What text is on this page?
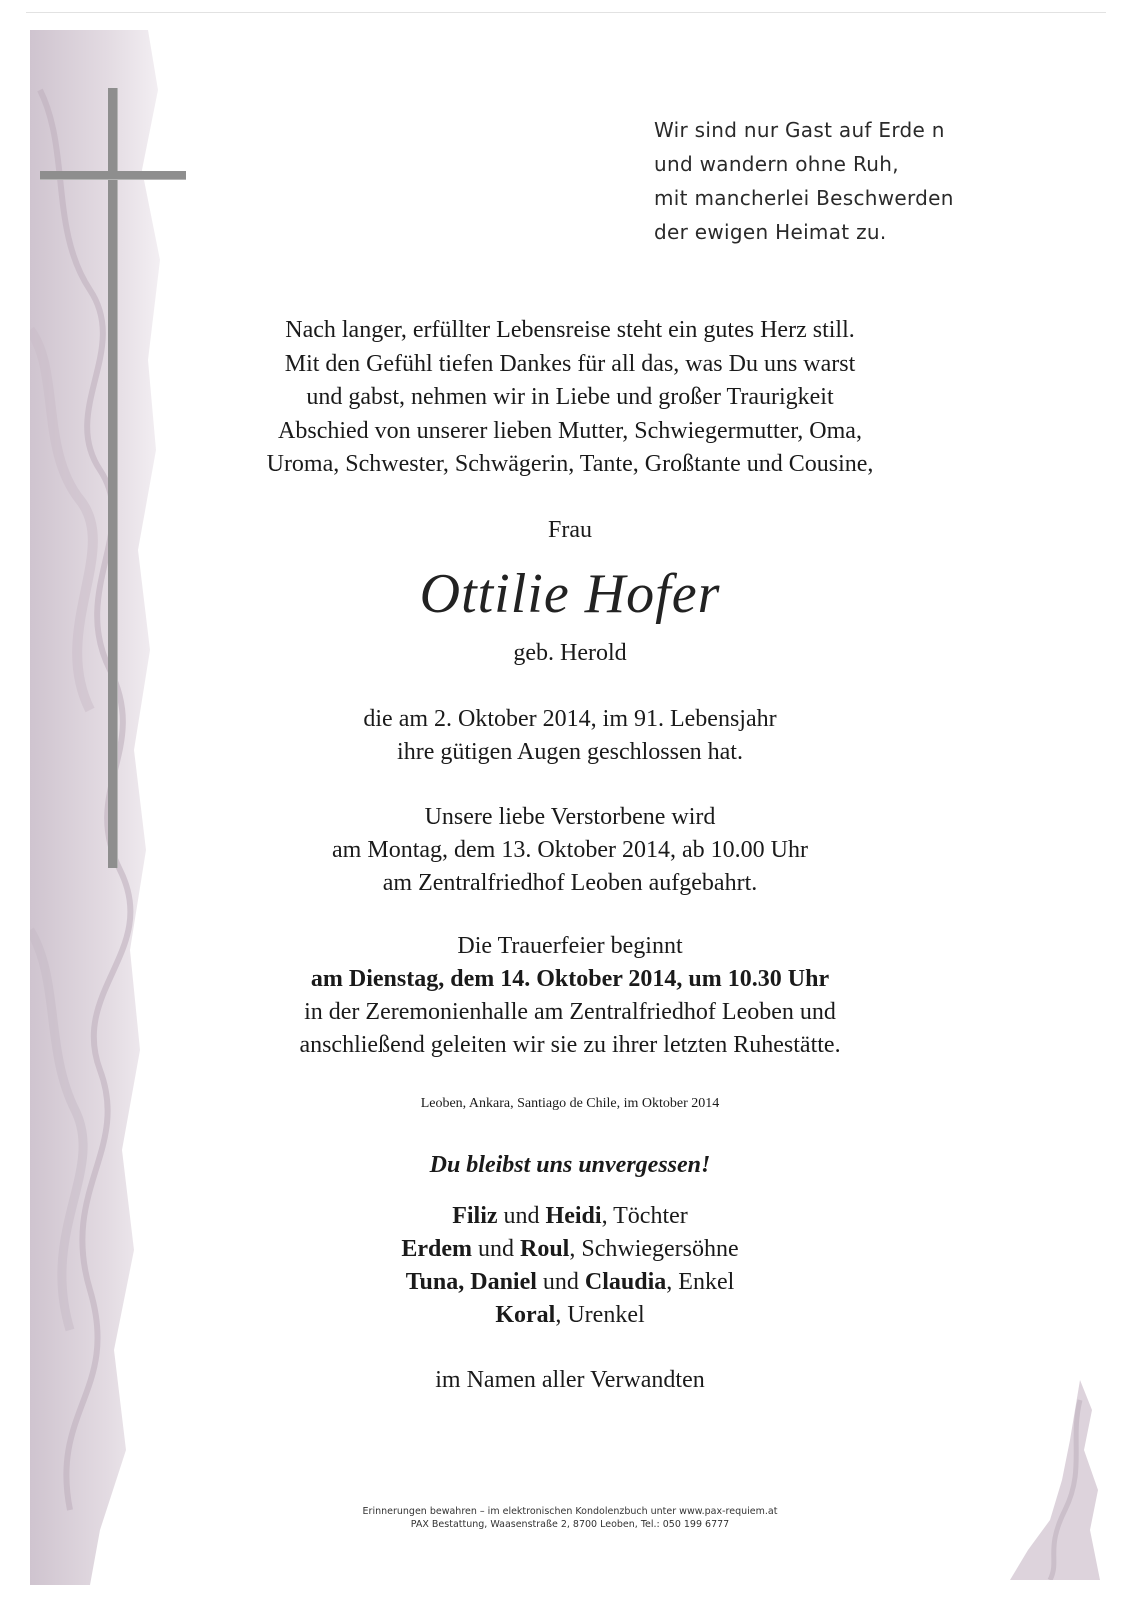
Wir sind nur Gast auf Erde n
und wandern ohne Ruh,
mit mancherlei Beschwerden
der ewigen Heimat zu.
Nach langer, erfüllter Lebensreise steht ein gutes Herz still.
Mit den Gefühl tiefen Dankes für all das, was Du uns warst
und gabst, nehmen wir in Liebe und großer Traurigkeit
Abschied von unserer lieben Mutter, Schwiegermutter, Oma,
Uroma, Schwester, Schwägerin, Tante, Großtante und Cousine,
Frau
Ottilie Hofer
geb. Herold
die am 2. Oktober 2014, im 91. Lebensjahr
ihre gütigen Augen geschlossen hat.
Unsere liebe Verstorbene wird
am Montag, dem 13. Oktober 2014, ab 10.00 Uhr
am Zentralfriedhof Leoben aufgebahrt.
Die Trauerfeier beginnt
am Dienstag, dem 14. Oktober 2014, um 10.30 Uhr
in der Zeremonienhalle am Zentralfriedhof Leoben und
anschließend geleiten wir sie zu ihrer letzten Ruhestätte.
Leoben, Ankara, Santiago de Chile, im Oktober 2014
Du bleibst uns unvergessen!
Filiz und Heidi, Töchter
Erdem und Roul, Schwiegersöhne
Tuna, Daniel und Claudia, Enkel
Koral, Urenkel
im Namen aller Verwandten
Erinnerungen bewahren – im elektronischen Kondolenzbuch unter www.pax-requiem.at
PAX Bestattung, Waasenstraße 2, 8700 Leoben, Tel.: 050 199 6777
